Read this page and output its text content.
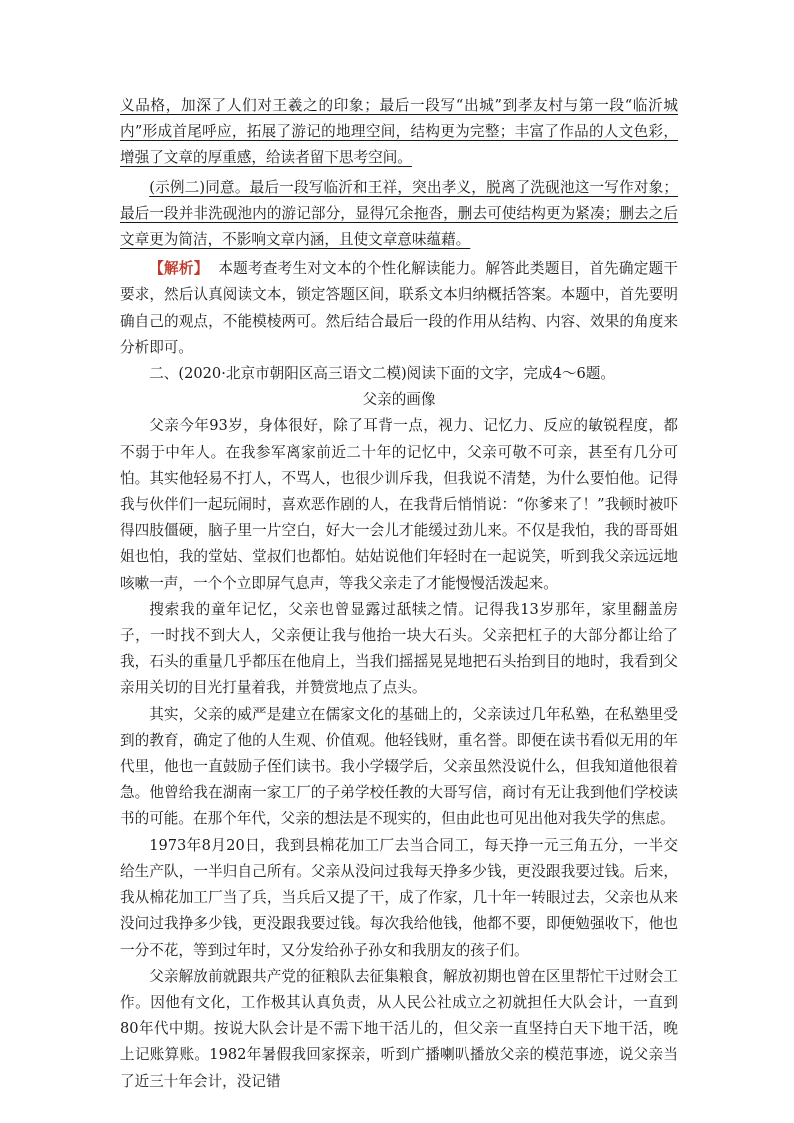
义品格，加深了人们对王羲之的印象；最后一段写“出城”到孝友村与第一段“临沂城内”形成首尾呼应，拓展了游记的地理空间，结构更为完整；丰富了作品的人文色彩，增强了文章的厚重感，给读者留下思考空间。

(示例二)同意。最后一段写临沂和王祥，突出孝义，脱离了洗砚池这一写作对象；最后一段并非洗砚池内的游记部分，显得冗余拖沓，删去可使结构更为紧凑；删去之后文章更为简洁，不影响文章内涵，且使文章意味蕴藉。

【解析】 本题考查考生对文本的个性化解读能力。解答此类题目，首先确定题干要求，然后认真阅读文本，锁定答题区间，联系文本归纳概括答案。本题中，首先要明确自己的观点，不能模棱两可。然后结合最后一段的作用从结构、内容、效果的角度来分析即可。

二、(2020·北京市朝阳区高三语文二模)阅读下面的文字，完成4～6题。

父亲的画像

父亲今年93岁，身体很好，除了耳背一点，视力、记忆力、反应的敏锐程度，都不弱于中年人。在我参军离家前近二十年的记忆中，父亲可敬不可亲，甚至有几分可怕。其实他轻易不打人，不骂人，也很少训斥我，但我说不清楚，为什么要怕他。记得我与伙伴们一起玩闹时，喜欢恶作剧的人，在我背后悄悄说：“你爹来了！”我顿时被吓得四肢僵硬，脑子里一片空白，好大一会儿才能缓过劲儿来。不仅是我怕，我的哥哥姐姐也怕，我的堂姑、堂叔们也都怕。姑姑说他们年轻时在一起说笑，听到我父亲远远地咳嗽一声，一个个立即屏气息声，等我父亲走了才能慢慢活泼起来。

搜索我的童年记忆，父亲也曾显露过舐犊之情。记得我13岁那年，家里翻盖房子，一时找不到大人，父亲便让我与他抬一块大石头。父亲把杠子的大部分都让给了我，石头的重量几乎都压在他肩上，当我们摇摇晃晃地把石头抬到目的地时，我看到父亲用关切的目光打量着我，并赞赏地点了点头。

其实，父亲的威严是建立在儒家文化的基础上的，父亲读过几年私塾，在私塾里受到的教育，确定了他的人生观、价值观。他轻钱财，重名誉。即便在读书看似无用的年代里，他也一直鼓励子侄们读书。我小学辍学后，父亲虽然没说什么，但我知道他很着急。他曾给我在湖南一家工厂的子弟学校任教的大哥写信，商讨有无让我到他们学校读书的可能。在那个年代，父亲的想法是不现实的，但由此也可见出他对我失学的焦虑。

1973年8月20日，我到县棉花加工厂去当合同工，每天挣一元三角五分，一半交给生产队，一半归自己所有。父亲从没问过我每天挣多少钱，更没跟我要过钱。后来，我从棉花加工厂当了兵，当兵后又提了干，成了作家，几十年一转眼过去，父亲也从来没问过我挣多少钱，更没跟我要过钱。每次我给他钱，他都不要，即便勉强收下，他也一分不花，等到过年时，又分发给孙子孙女和我朋友的孩子们。

父亲解放前就跟共产党的征粮队去征集粮食，解放初期也曾在区里帮忙干过财会工作。因他有文化，工作极其认真负责，从人民公社成立之初就担任大队会计，一直到80年代中期。按说大队会计是不需下地干活儿的，但父亲一直坚持白天下地干活，晚上记账算账。1982年暑假我回家探亲，听到广播喇叭播放父亲的模范事迹，说父亲当了近三十年会计，没记错
